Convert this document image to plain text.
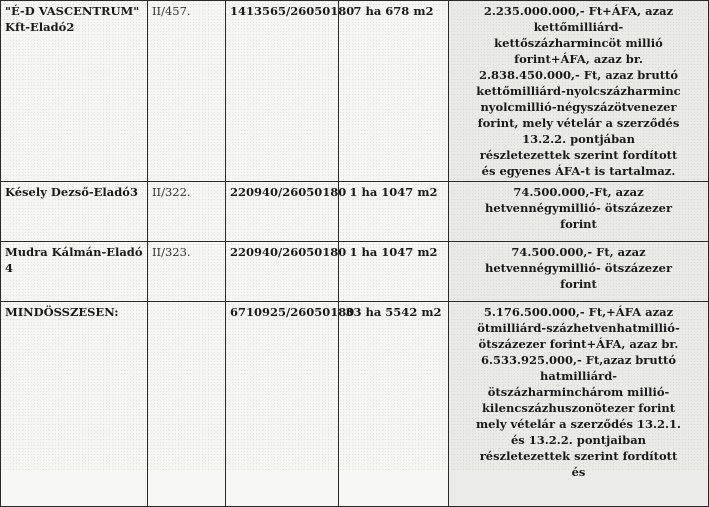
"É-D VASCENTRUM" Kft-Eladó2	II/457.	1413565/26050180	7 ha 678 m2	2.235.000.000,- Ft+ÁFA, azaz kettőmilliárd-kettőszázharmincöt millió forint+ÁFA, azaz br. 2.838.450.000,- Ft, azaz bruttó kettőmilliárd-nyolcszázharminc nyolcmillió-négyszázötvenezer forint, mely vételár a szerződés 13.2.2. pontjában részletezettek szerint fordított és egyenes ÁFA-t is tartalmaz.

Késely Dezső-Eladó3	II/322.	220940/26050180	1 ha 1047 m2	74.500.000,-Ft, azaz hetvennégymillió- ötszázezer forint

Mudra Kálmán-Eladó 4	II/323.	220940/26050180	1 ha 1047 m2	74.500.000,- Ft, azaz hetvennégymillió- ötszázezer forint

MINDÖSSZESEN:		6710925/26050180	33 ha 5542 m2	5.176.500.000,- Ft,+ÁFA azaz ötmilliárd-százhetvenhatmillió- ötszázezer forint+ÁFA, azaz br. 6.533.925.000,- Ft,azaz bruttó hatmilliárd-ötszázharminchárom millió-kilencszázhuszonötezer forint mely vételár a szerződés 13.2.1. és 13.2.2. pontjaiban részletezettek szerint fordított és
